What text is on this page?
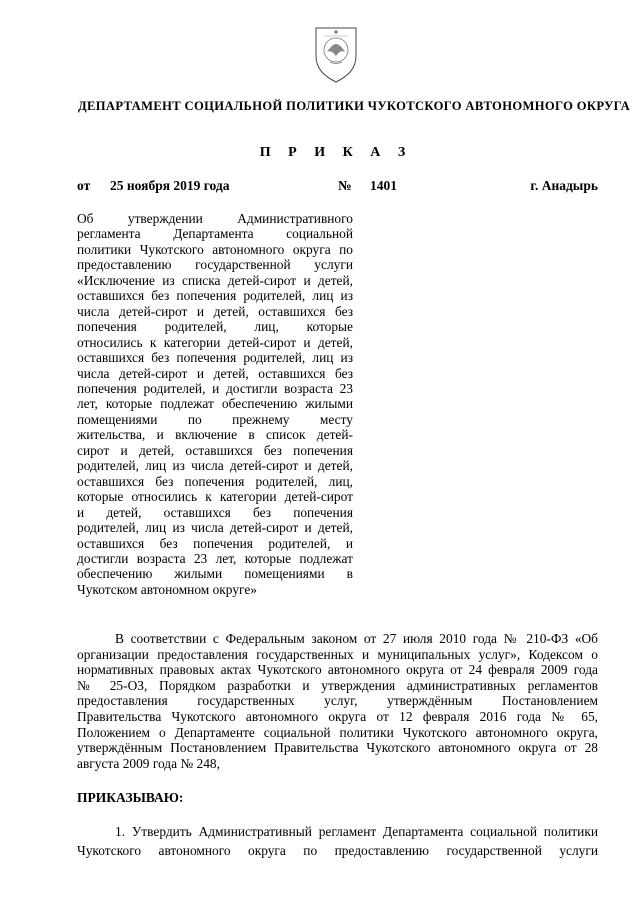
ДЕПАРТАМЕНТ СОЦИАЛЬНОЙ ПОЛИТИКИ ЧУКОТСКОГО АВТОНОМНОГО ОКРУГА
П Р И К А З
от 25 ноября 2019 года	№ 1401	г. Анадырь
Об утверждении Административного
регламента Департамента социальной
политики Чукотского автономного округа по
предоставлению государственной услуги
«Исключение из списка детей-сирот и детей,
оставшихся без попечения родителей, лиц из
числа детей-сирот и детей, оставшихся без
попечения родителей, лиц, которые
относились к категории детей-сирот и детей,
оставшихся без попечения родителей, лиц из
числа детей-сирот и детей, оставшихся без
попечения родителей, и достигли возраста 23
лет, которые подлежат обеспечению жилыми
помещениями по прежнему месту
жительства, и включение в список детей-
сирот и детей, оставшихся без попечения
родителей, лиц из числа детей-сирот и детей,
оставшихся без попечения родителей, лиц,
которые относились к категории детей-сирот
и детей, оставшихся без попечения
родителей, лиц из числа детей-сирот и детей,
оставшихся без попечения родителей, и
достигли возраста 23 лет, которые подлежат
обеспечению жилыми помещениями в
Чукотском автономном округе»
В соответствии с Федеральным законом от 27 июля 2010 года № 210-ФЗ «Об
организации предоставления государственных и муниципальных услуг», Кодексом о
нормативных правовых актах Чукотского автономного округа от 24 февраля 2009 года
№ 25-ОЗ, Порядком разработки и утверждения административных регламентов
предоставления государственных услуг, утверждённым Постановлением
Правительства Чукотского автономного округа от 12 февраля 2016 года № 65,
Положением о Департаменте социальной политики Чукотского автономного округа,
утверждённым Постановлением Правительства Чукотского автономного округа от 28
августа 2009 года № 248,
ПРИКАЗЫВАЮ:
1. Утвердить Административный регламент Департамента социальной политики
Чукотского автономного округа по предоставлению государственной услуги
